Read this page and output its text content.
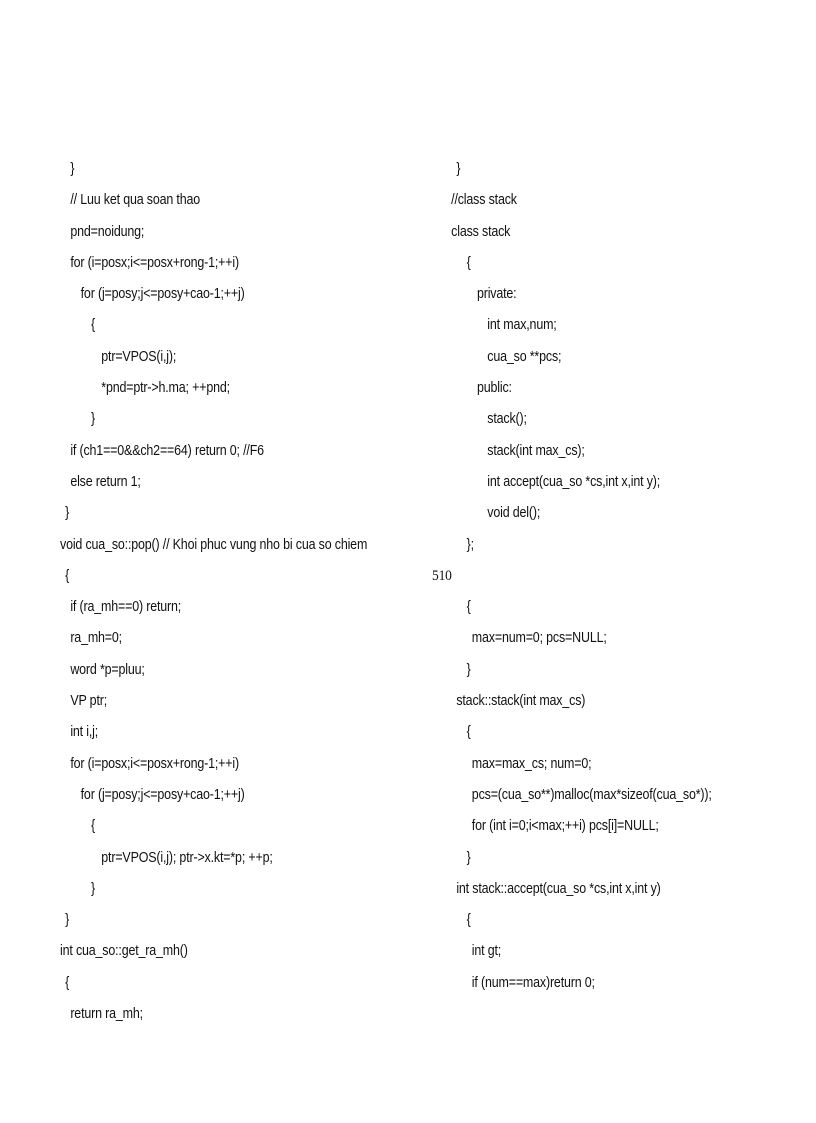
}
// Luu ket qua soan thao
pnd=noidung;
for (i=posx;i<=posx+rong-1;++i)
for (j=posy;j<=posy+cao-1;++j)
{
ptr=VPOS(i,j);
*pnd=ptr->h.ma; ++pnd;
}
if (ch1==0&&ch2==64) return 0; //F6
else return 1;
}
void cua_so::pop() // Khoi phuc vung nho bi cua so chiem
{
if (ra_mh==0) return;
ra_mh=0;
word *p=pluu;
VP ptr;
int i,j;
for (i=posx;i<=posx+rong-1;++i)
for (j=posy;j<=posy+cao-1;++j)
{
ptr=VPOS(i,j); ptr->x.kt=*p; ++p;
}
}
int cua_so::get_ra_mh()
{
return ra_mh;
}
//class stack
class stack
{
private:
int max,num;
cua_so **pcs;
public:
stack();
stack(int max_cs);
int accept(cua_so *cs,int x,int y);
void del();
};
510
{
max=num=0; pcs=NULL;
}
stack::stack(int max_cs)
{
max=max_cs; num=0;
pcs=(cua_so**)malloc(max*sizeof(cua_so*));
for (int i=0;i<max;++i) pcs[i]=NULL;
}
int stack::accept(cua_so *cs,int x,int y)
{
int gt;
if (num==max)return 0;
